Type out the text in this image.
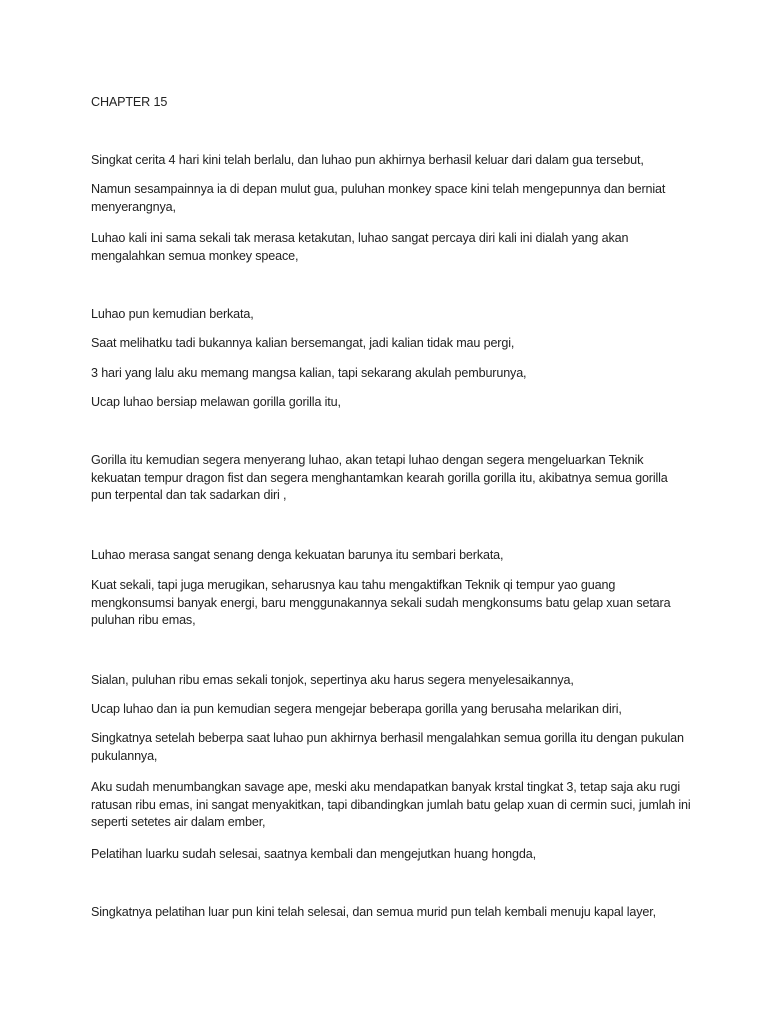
CHAPTER 15

Singkat cerita 4 hari kini telah berlalu, dan luhao pun akhirnya berhasil keluar dari dalam gua tersebut,

Namun sesampainnya ia di depan mulut gua, puluhan monkey space kini telah mengepunnya dan berniat menyerangnya,

Luhao kali ini sama sekali tak merasa ketakutan, luhao sangat percaya diri kali ini dialah yang akan mengalahkan semua monkey speace,

Luhao pun kemudian berkata,

Saat melihatku tadi bukannya kalian bersemangat, jadi kalian tidak mau pergi,

3 hari yang lalu aku memang mangsa kalian, tapi sekarang akulah pemburunya,

Ucap luhao bersiap melawan gorilla gorilla itu,

Gorilla itu kemudian segera menyerang luhao, akan tetapi luhao dengan segera mengeluarkan Teknik kekuatan tempur dragon fist dan segera menghantamkan kearah gorilla gorilla itu, akibatnya semua gorilla pun terpental dan tak sadarkan diri ,

Luhao merasa sangat senang denga kekuatan barunya itu sembari berkata,

Kuat sekali, tapi juga merugikan, seharusnya kau tahu mengaktifkan Teknik qi tempur yao guang mengkonsumsi banyak energi, baru menggunakannya sekali sudah mengkonsums batu gelap xuan setara puluhan ribu emas,

Sialan, puluhan ribu emas sekali tonjok, sepertinya aku harus segera menyelesaikannya,

Ucap luhao dan ia pun kemudian segera mengejar beberapa gorilla yang berusaha melarikan diri,

Singkatnya setelah beberpa saat luhao pun akhirnya berhasil mengalahkan semua gorilla itu dengan pukulan pukulannya,

Aku sudah menumbangkan savage ape, meski aku mendapatkan banyak krstal tingkat 3, tetap saja aku rugi ratusan ribu emas, ini sangat menyakitkan, tapi dibandingkan jumlah batu gelap xuan di cermin suci, jumlah ini seperti setetes air dalam ember,

Pelatihan luarku sudah selesai, saatnya kembali dan mengejutkan huang hongda,

Singkatnya pelatihan luar pun kini telah selesai, dan semua murid pun telah kembali menuju kapal layer,
